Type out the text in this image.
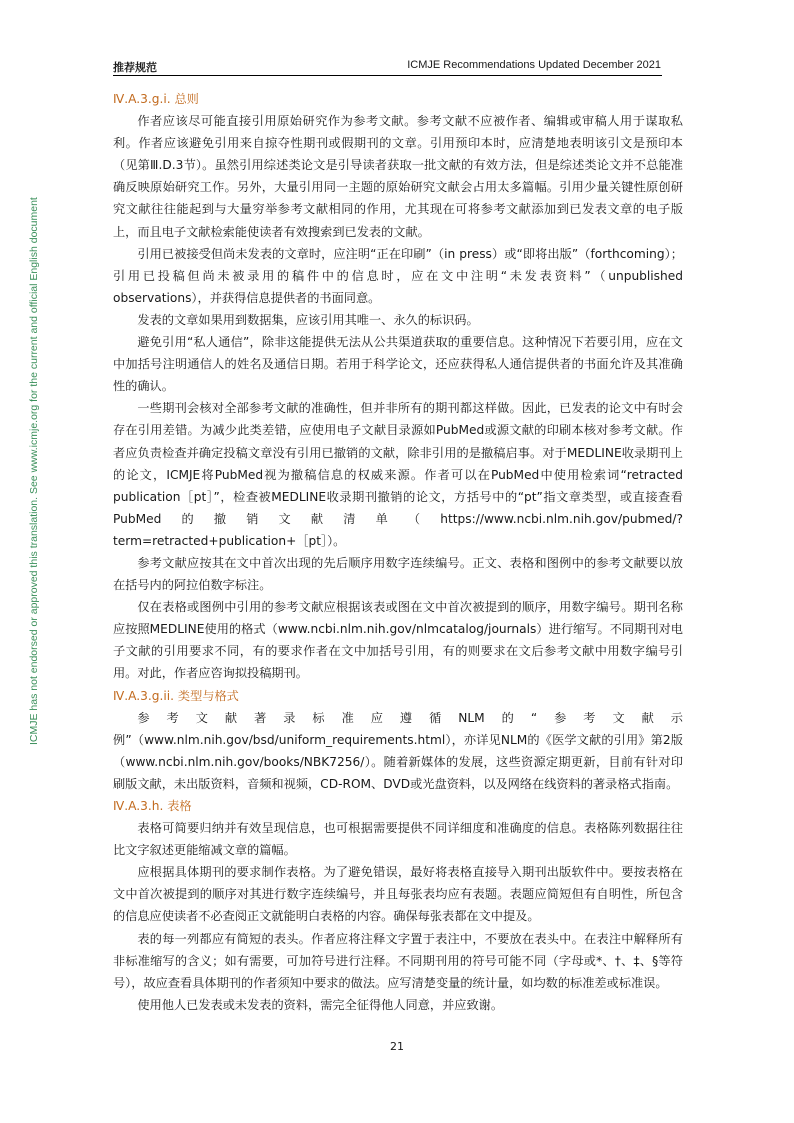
推荐规范	ICMJE Recommendations Updated December 2021
ICMJE has not endorsed or approved this translation. See www.icmje.org for the current and official English document
Ⅳ.A.3.g.i. 总则

作者应该尽可能直接引用原始研究作为参考文献。参考文献不应被作者、编辑或审稿人用于谋取私利。作者应该避免引用来自掠夺性期刊或假期刊的文章。引用预印本时，应清楚地表明该引文是预印本（见第Ⅲ.D.3节）。虽然引用综述类论文是引导读者获取一批文献的有效方法，但是综述类论文并不总能准确反映原始研究工作。另外，大量引用同一主题的原始研究文献会占用太多篇幅。引用少量关键性原创研究文献往往能起到与大量穷举参考文献相同的作用，尤其现在可将参考文献添加到已发表文章的电子版上，而且电子文献检索能使读者有效搜索到已发表的文献。

引用已被接受但尚未发表的文章时，应注明“正在印刷”（in press）或“即将出版”（forthcoming）；引用已投稿但尚未被录用的稿件中的信息时，应在文中注明“未发表资料”（unpublished observations），并获得信息提供者的书面同意。

发表的文章如果用到数据集，应该引用其唯一、永久的标识码。

避免引用“私人通信”，除非这能提供无法从公共渠道获取的重要信息。这种情况下若要引用，应在文中加括号注明通信人的姓名及通信日期。若用于科学论文，还应获得私人通信提供者的书面允许及其准确性的确认。

一些期刊会核对全部参考文献的准确性，但并非所有的期刊都这样做。因此，已发表的论文中有时会存在引用差错。为减少此类差错，应使用电子文献目录源如PubMed或源文献的印刷本核对参考文献。作者应负责检查并确定投稿文章没有引用已撤销的文献，除非引用的是撤稿启事。对于MEDLINE收录期刊上的论文，ICMJE将PubMed视为撤稿信息的权威来源。作者可以在PubMed中使用检索词“retracted publication［pt］”，检查被MEDLINE收录期刊撤销的论文，方括号中的“pt”指文章类型，或直接查看PubMed的撤销文献清单（https://www.ncbi.nlm.nih.gov/pubmed/?term=retracted+publication+［pt］）。

参考文献应按其在文中首次出现的先后顺序用数字连续编号。正文、表格和图例中的参考文献要以放在括号内的阿拉伯数字标注。

仅在表格或图例中引用的参考文献应根据该表或图在文中首次被提到的顺序，用数字编号。期刊名称应按照MEDLINE使用的格式（www.ncbi.nlm.nih.gov/nlmcatalog/journals）进行缩写。不同期刊对电子文献的引用要求不同，有的要求作者在文中加括号引用，有的则要求在文后参考文献中用数字编号引用。对此，作者应咨询拟投稿期刊。

Ⅳ.A.3.g.ii. 类型与格式

参考文献著录标准应遵循NLM的“参考文献示例”（www.nlm.nih.gov/bsd/uniform_requirements.html），亦详见NLM的《医学文献的引用》第2版（www.ncbi.nlm.nih.gov/books/NBK7256/）。随着新媒体的发展，这些资源定期更新，目前有针对印刷版文献，未出版资料，音频和视频，CD-ROM、DVD或光盘资料，以及网络在线资料的著录格式指南。

Ⅳ.A.3.h. 表格

表格可简要归纳并有效呈现信息，也可根据需要提供不同详细度和准确度的信息。表格陈列数据往往比文字叙述更能缩减文章的篇幅。

应根据具体期刊的要求制作表格。为了避免错误，最好将表格直接导入期刊出版软件中。要按表格在文中首次被提到的顺序对其进行数字连续编号，并且每张表均应有表题。表题应简短但有自明性，所包含的信息应使读者不必查阅正文就能明白表格的内容。确保每张表都在文中提及。

表的每一列都应有简短的表头。作者应将注释文字置于表注中，不要放在表头中。在表注中解释所有非标准缩写的含义；如有需要，可加符号进行注释。不同期刊用的符号可能不同（字母或*、†、‡、§等符号），故应查看具体期刊的作者须知中要求的做法。应写清楚变量的统计量，如均数的标准差或标准误。

使用他人已发表或未发表的资料，需完全征得他人同意，并应致谢。

21
